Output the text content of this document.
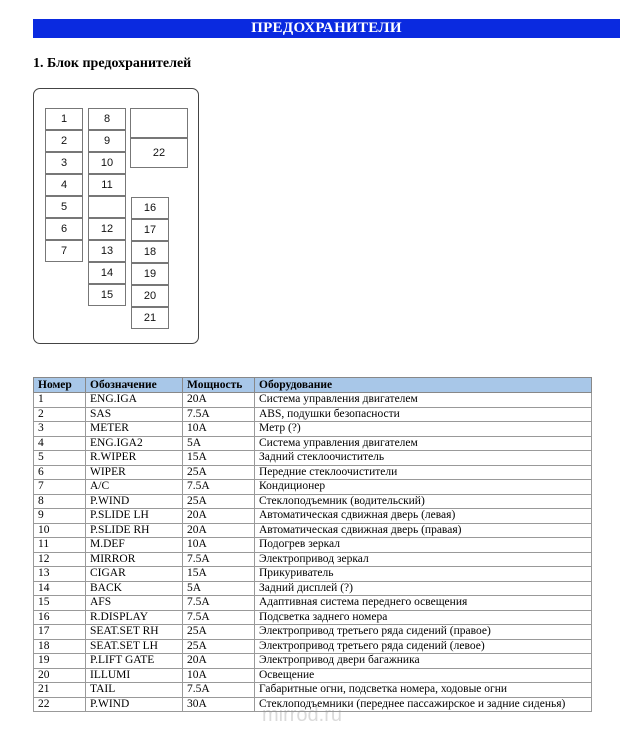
ПРЕДОХРАНИТЕЛИ
1. Блок предохранителей
1
2
3
4
5
6
7
8
9
10
11
12
13
14
15
22
16
17
18
19
20
21
Номер	Обозначение	Мощность	Оборудование
1	ENG.IGA	20A	Система управления двигателем
2	SAS	7.5A	ABS, подушки безопасности
3	METER	10A	Метр (?)
4	ENG.IGA2	5A	Система управления двигателем
5	R.WIPER	15A	Задний стеклоочиститель
6	WIPER	25A	Передние стеклоочистители
7	A/C	7.5A	Кондиционер
8	P.WIND	25A	Стеклоподъемник (водительский)
9	P.SLIDE LH	20A	Автоматическая сдвижная дверь (левая)
10	P.SLIDE RH	20A	Автоматическая сдвижная дверь (правая)
11	M.DEF	10A	Подогрев зеркал
12	MIRROR	7.5A	Электропривод зеркал
13	CIGAR	15A	Прикуриватель
14	BACK	5A	Задний дисплей (?)
15	AFS	7.5A	Адаптивная система переднего освещения
16	R.DISPLAY	7.5A	Подсветка заднего номера
17	SEAT.SET RH	25A	Электропривод третьего ряда сидений (правое)
18	SEAT.SET LH	25A	Электропривод третьего ряда сидений (левое)
19	P.LIFT GATE	20A	Электропривод двери багажника
20	ILLUMI	10A	Освещение
21	TAIL	7.5A	Габаритные огни, подсветка номера, ходовые огни
22	P.WIND	30A	Стеклоподъемники (переднее пассажирское и задние сиденья)
mirrod.ru
